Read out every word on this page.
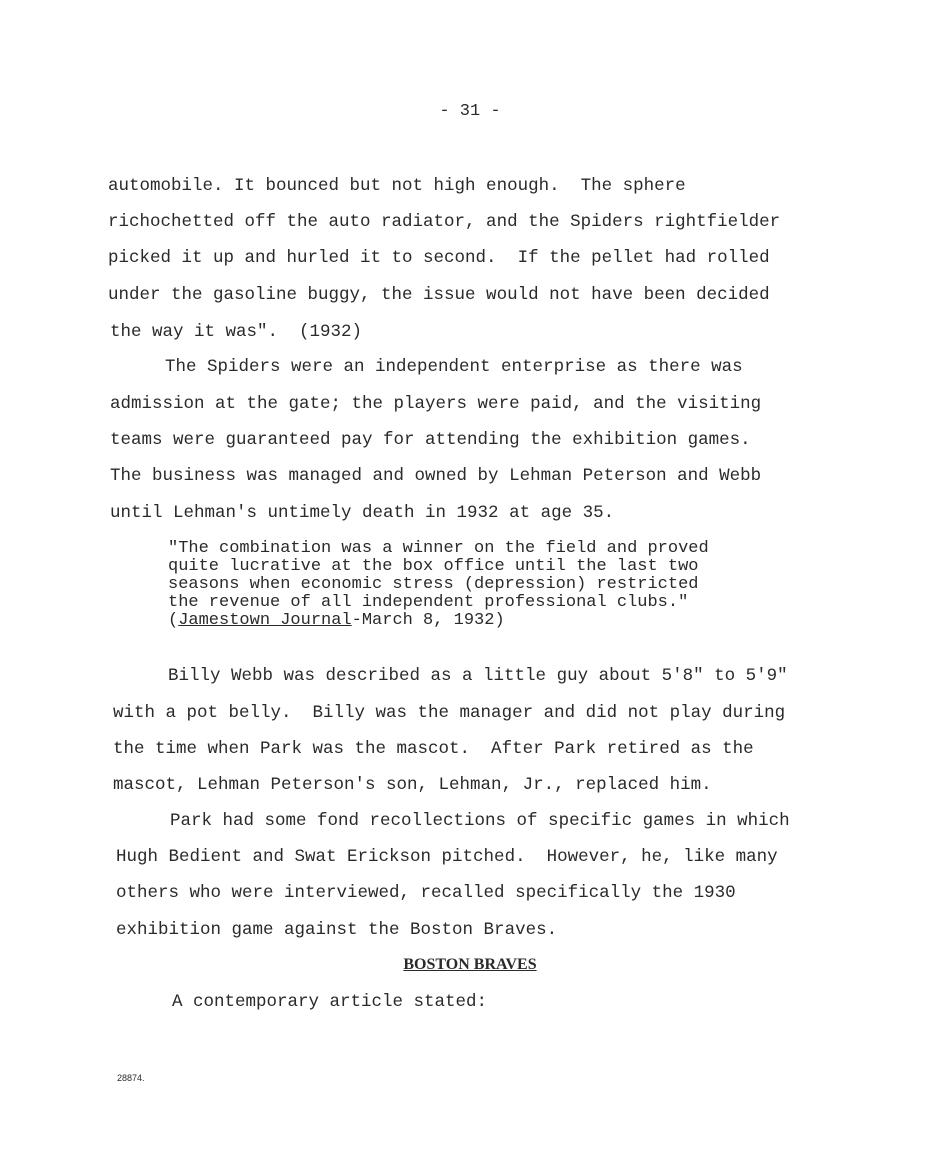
- 31 -
automobile. It bounced but not high enough.  The sphere
richochetted off the auto radiator, and the Spiders rightfielder
picked it up and hurled it to second.  If the pellet had rolled
under the gasoline buggy, the issue would not have been decided
the way it was".  (1932)
The Spiders were an independent enterprise as there was
admission at the gate; the players were paid, and the visiting
teams were guaranteed pay for attending the exhibition games.
The business was managed and owned by Lehman Peterson and Webb
until Lehman's untimely death in 1932 at age 35.
"The combination was a winner on the field and proved
quite lucrative at the box office until the last two
seasons when economic stress (depression) restricted
the revenue of all independent professional clubs."
(Jamestown Journal-March 8, 1932)
Billy Webb was described as a little guy about 5'8" to 5'9"
with a pot belly.  Billy was the manager and did not play during
the time when Park was the mascot.  After Park retired as the
mascot, Lehman Peterson's son, Lehman, Jr., replaced him.
Park had some fond recollections of specific games in which
Hugh Bedient and Swat Erickson pitched.  However, he, like many
others who were interviewed, recalled specifically the 1930
exhibition game against the Boston Braves.
BOSTON BRAVES
A contemporary article stated:
28874.
